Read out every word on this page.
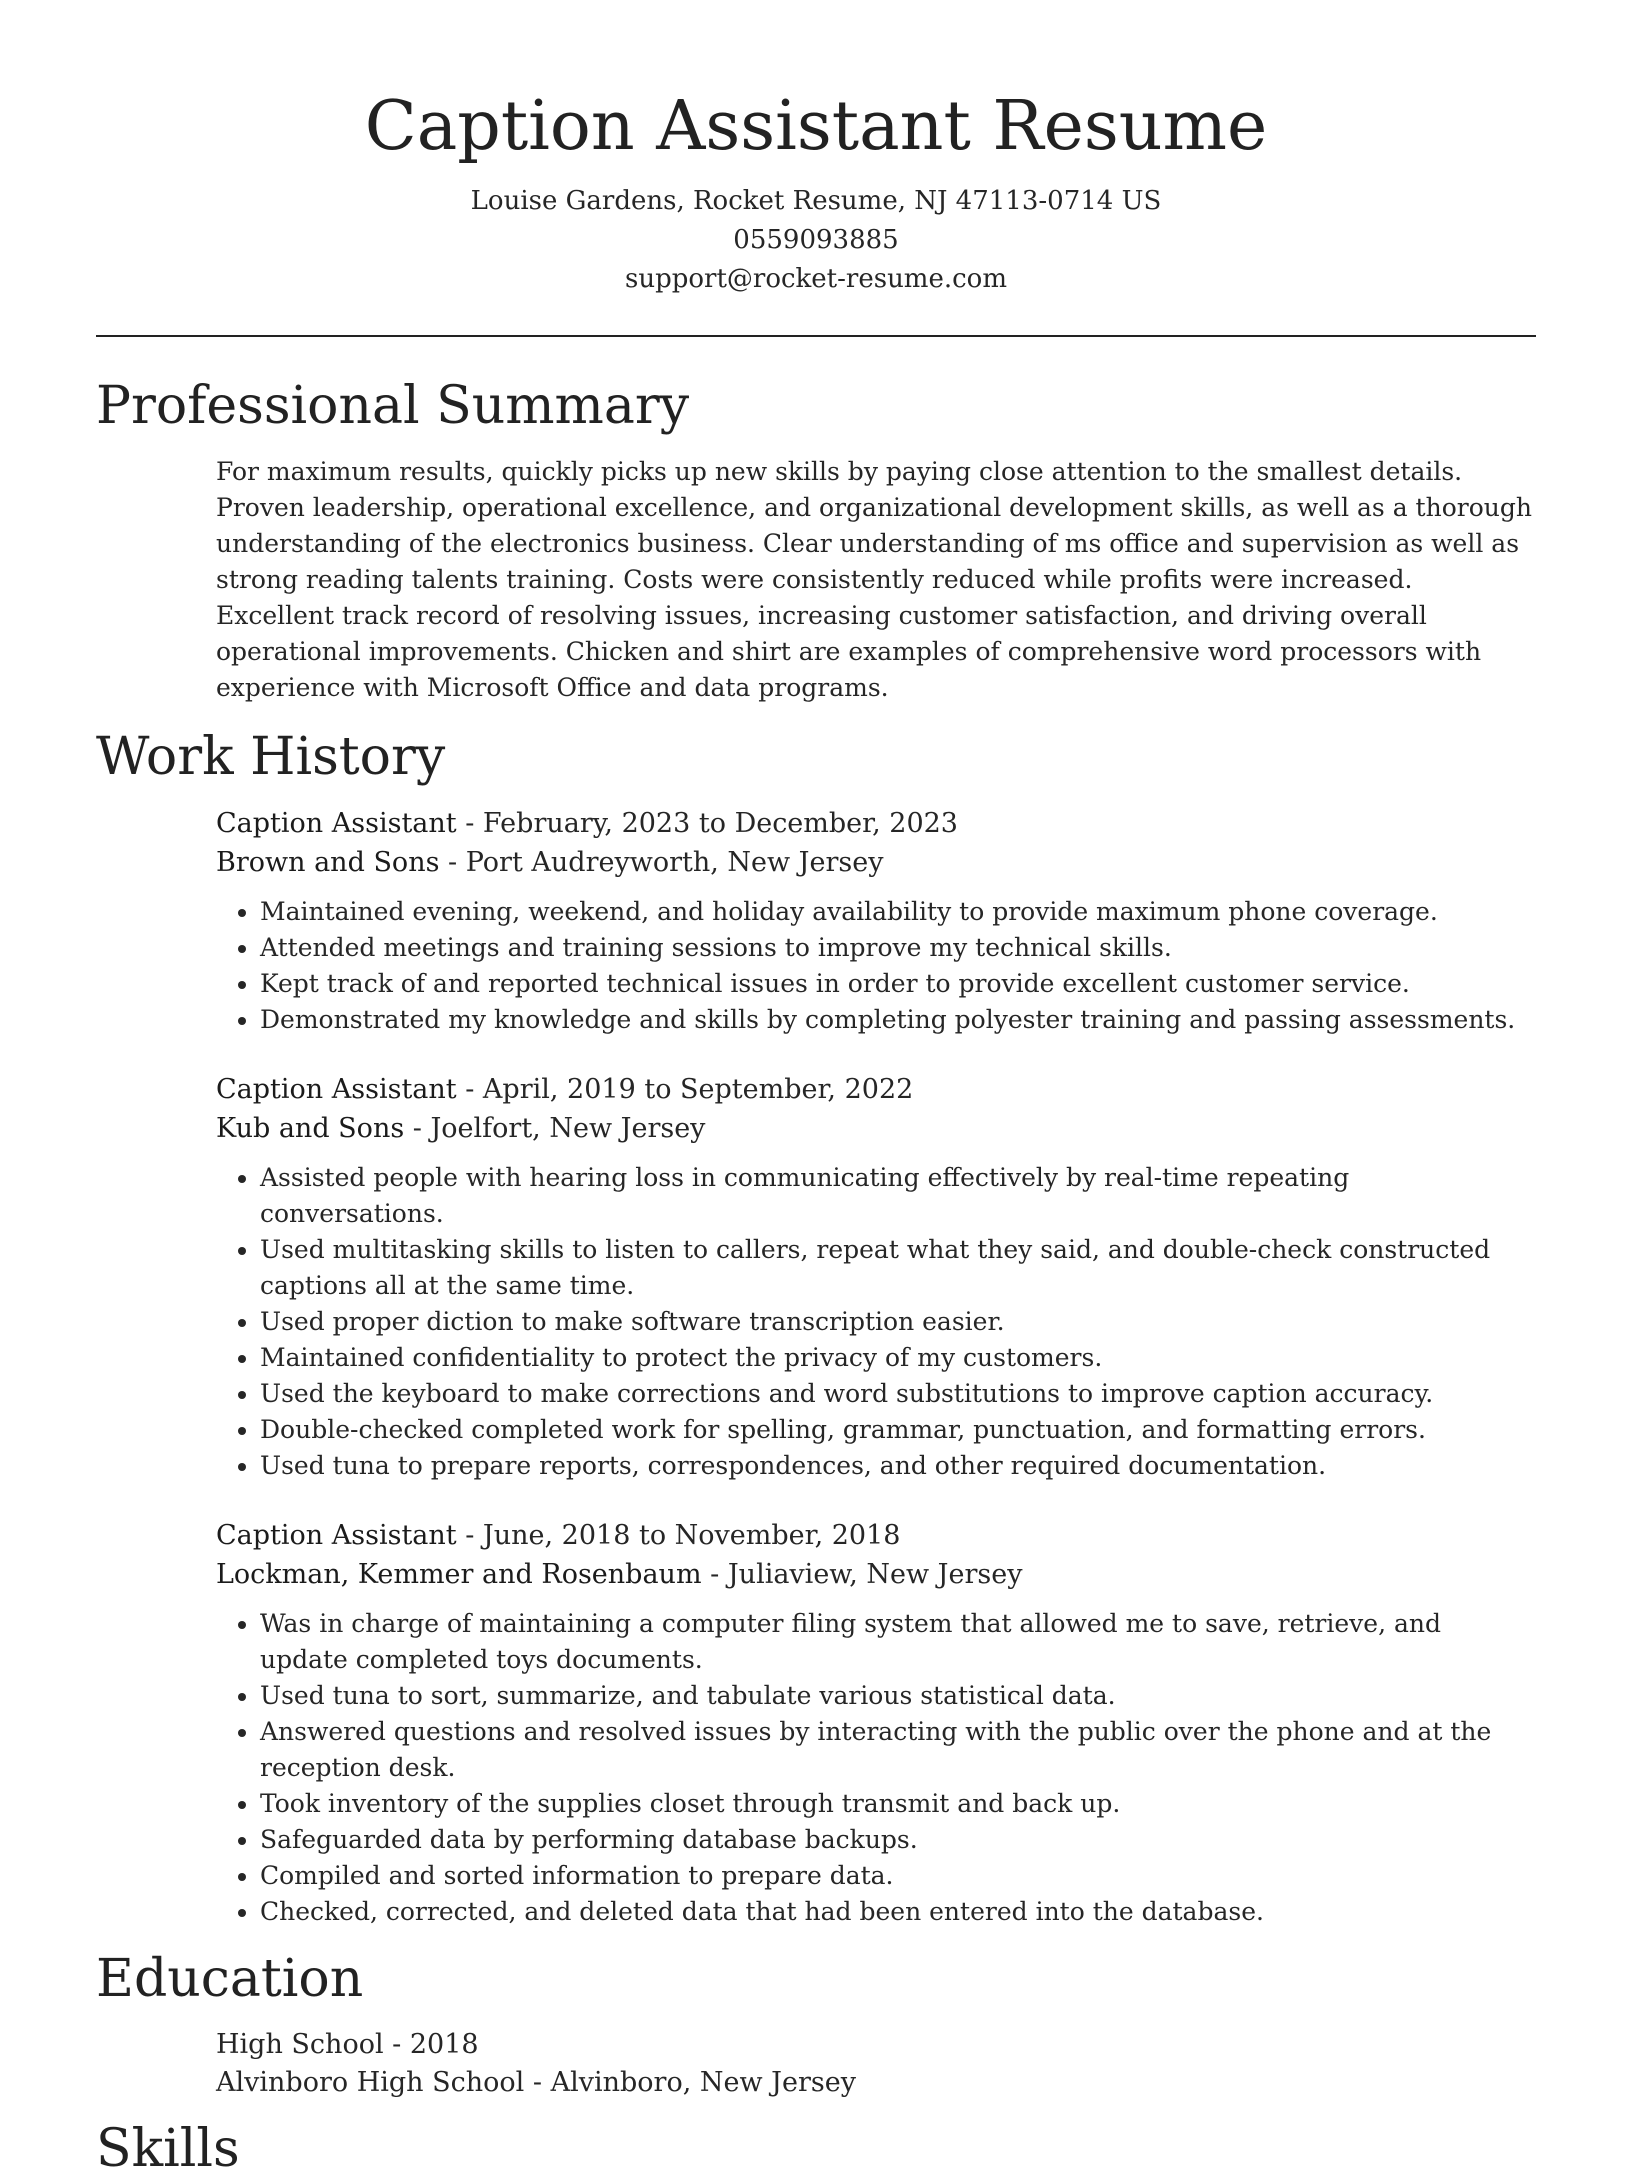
Caption Assistant Resume
Louise Gardens, Rocket Resume, NJ 47113-0714 US
0559093885
support@rocket-resume.com
Professional Summary

For maximum results, quickly picks up new skills by paying close attention to the smallest details. Proven leadership, operational excellence, and organizational development skills, as well as a thorough understanding of the electronics business. Clear understanding of ms office and supervision as well as strong reading talents training. Costs were consistently reduced while profits were increased. Excellent track record of resolving issues, increasing customer satisfaction, and driving overall operational improvements. Chicken and shirt are examples of comprehensive word processors with experience with Microsoft Office and data programs.

Work History
Caption Assistant - February, 2023 to December, 2023
Brown and Sons - Port Audreyworth, New Jersey
• Maintained evening, weekend, and holiday availability to provide maximum phone coverage.
• Attended meetings and training sessions to improve my technical skills.
• Kept track of and reported technical issues in order to provide excellent customer service.
• Demonstrated my knowledge and skills by completing polyester training and passing assessments.
Caption Assistant - April, 2019 to September, 2022
Kub and Sons - Joelfort, New Jersey
• Assisted people with hearing loss in communicating effectively by real-time repeating conversations.
• Used multitasking skills to listen to callers, repeat what they said, and double-check constructed captions all at the same time.
• Used proper diction to make software transcription easier.
• Maintained confidentiality to protect the privacy of my customers.
• Used the keyboard to make corrections and word substitutions to improve caption accuracy.
• Double-checked completed work for spelling, grammar, punctuation, and formatting errors.
• Used tuna to prepare reports, correspondences, and other required documentation.
Caption Assistant - June, 2018 to November, 2018
Lockman, Kemmer and Rosenbaum - Juliaview, New Jersey
• Was in charge of maintaining a computer filing system that allowed me to save, retrieve, and update completed toys documents.
• Used tuna to sort, summarize, and tabulate various statistical data.
• Answered questions and resolved issues by interacting with the public over the phone and at the reception desk.
• Took inventory of the supplies closet through transmit and back up.
• Safeguarded data by performing database backups.
• Compiled and sorted information to prepare data.
• Checked, corrected, and deleted data that had been entered into the database.
Education
High School - 2018
Alvinboro High School - Alvinboro, New Jersey
Skills
